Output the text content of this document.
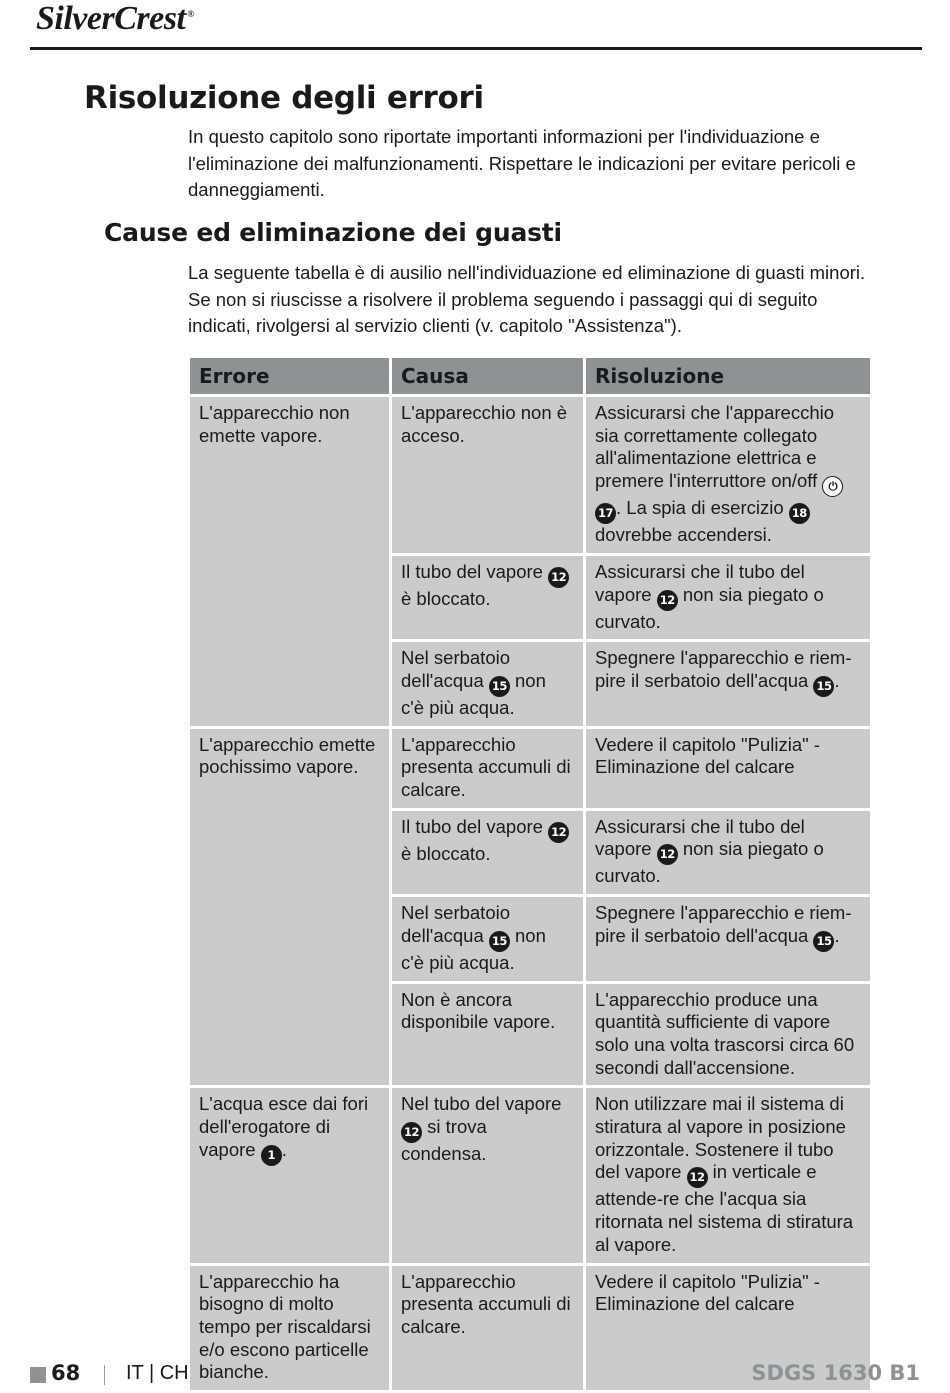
SilverCrest ®
Risoluzione degli errori

In questo capitolo sono riportate importanti informazioni per l'individuazione e l'eliminazione dei malfunzionamenti. Rispettare le indicazioni per evitare pericoli e danneggiamenti.

Cause ed eliminazione dei guasti

La seguente tabella è di ausilio nell'individuazione ed eliminazione di guasti minori. Se non si riuscisse a risolvere il problema seguendo i passaggi qui di seguito indicati, rivolgersi al servizio clienti (v. capitolo "Assistenza").

Errore	Causa	Risoluzione
L'apparecchio non emette vapore.	L'apparecchio non è acceso.	Assicurarsi che l'apparecchio sia correttamente collegato all'alimentazione elettrica e premere l'interruttore on/off ⏻ 17 . La spia di esercizio 18 dovrebbe accendersi.
	Il tubo del vapore 12 è bloccato.	Assicurarsi che il tubo del vapore 12 non sia piegato o curvato.
	Nel serbatoio dell'acqua 15 non c'è più acqua.	Spegnere l'apparecchio e riem-pire il serbatoio dell'acqua 15 .
L'apparecchio emette pochissimo vapore.	L'apparecchio presenta accumuli di calcare.	Vedere il capitolo "Pulizia" - Eliminazione del calcare
	Il tubo del vapore 12 è bloccato.	Assicurarsi che il tubo del vapore 12 non sia piegato o curvato.
	Nel serbatoio dell'acqua 15 non c'è più acqua.	Spegnere l'apparecchio e riem-pire il serbatoio dell'acqua 15 .
	Non è ancora disponibile vapore.	L'apparecchio produce una quantità sufficiente di vapore solo una volta trascorsi circa 60 secondi dall'accensione.
L'acqua esce dai fori dell'erogatore di vapore 1 .	Nel tubo del vapore 12 si trova condensa.	Non utilizzare mai il sistema di stiratura al vapore in posizione orizzontale. Sostenere il tubo del vapore 12 in verticale e attende-re che l'acqua sia ritornata nel sistema di stiratura al vapore.
L'apparecchio ha bisogno di molto tempo per riscaldarsi e/o escono particelle bianche.	L'apparecchio presenta accumuli di calcare.	Vedere il capitolo "Pulizia" - Eliminazione del calcare
68 IT | CH	SDGS 1630 B1
